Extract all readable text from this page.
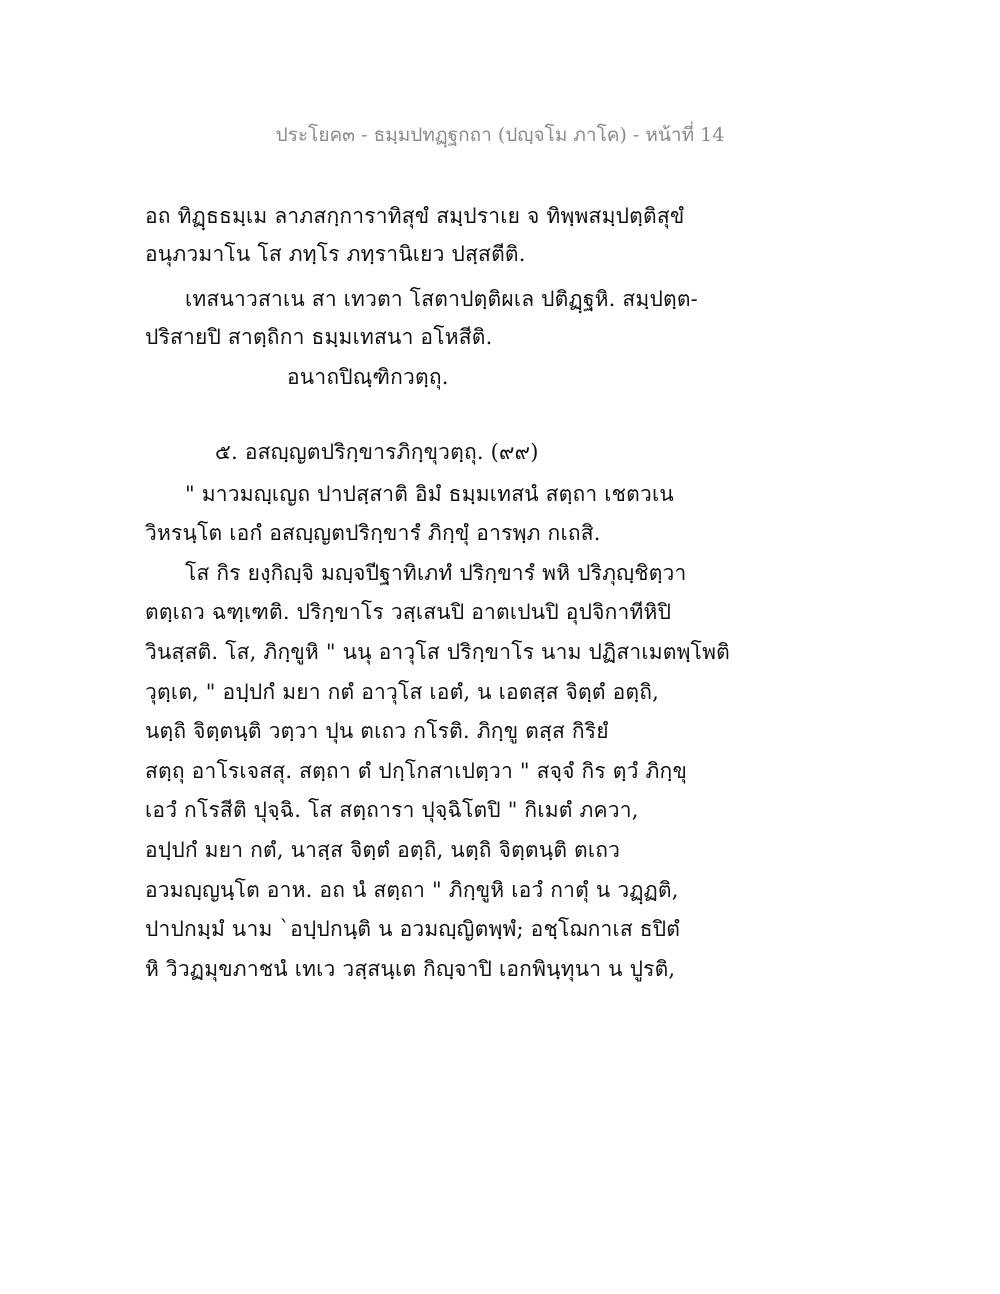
ประโยค๓ - ธมฺมปทฏฺฐกถา (ปญฺจโม ภาโค) - หน้าที่ 14
อถ ทิฏฺธธมฺเม ลาภสกฺการาทิสุขํ สมฺปราเย จ ทิพฺพสมฺปตฺติสุขํ
อนุภวมาโน โส ภทฺโร ภทฺรานิเยว ปสฺสตีติ.
เทสนาวสาเน สา เทวตา โสตาปตฺติผเล ปติฏฺฐหิ. สมฺปตฺต-
ปริสายปิ สาตฺถิกา ธมฺมเทสนา อโหสีติ.
อนาถปิณฺฑิกวตฺถุ.
๕. อสญฺญตปริกฺขารภิกฺขุวตฺถุ. (๙๙)
" มาวมญฺเญถ ปาปสฺสาติ อิมํ ธมฺมเทสนํ สตฺถา เชตวเน
วิหรนฺโต เอกํ อสญฺญตปริกฺขารํ ภิกฺขุํ อารพฺภ กเถสิ.
โส กิร ยงฺกิญฺจิ มญฺจปีฐาทิเภทํ ปริกฺขารํ พหิ ปริภุญฺชิตฺวา
ตตฺเถว ฉฑฺเฑติ. ปริกฺขาโร วสฺเสนปิ อาตเปนปิ อุปจิกาทีหิปิ
วินสฺสติ. โส, ภิกฺขูหิ " นนุ อาวุโส ปริกฺขาโร นาม ปฏิสาเมตพฺโพติ
วุตฺเต, " อปฺปกํ มยา กตํ อาวุโส เอตํ, น เอตสฺส จิตฺตํ อตฺถิ,
นตฺถิ จิตฺตนฺติ วตฺวา ปุน ตเถว กโรติ. ภิกฺขู ตสฺส กิริยํ
สตฺถุ อาโรเจสสุ. สตฺถา ตํ ปกฺโกสาเปตฺวา " สจฺจํ กิร ตฺวํ ภิกฺขุ
เอวํ กโรสีติ ปุจฺฉิ. โส สตฺถารา ปุจฺฉิโตปิ " กิเมตํ ภควา,
อปฺปกํ มยา กตํ, นาสฺส จิตฺตํ อตฺถิ, นตฺถิ จิตฺตนฺติ ตเถว
อวมญฺญนฺโต อาห. อถ นํ สตฺถา " ภิกฺขูหิ เอวํ กาตุํ น วฏฺฏติ,
ปาปกมฺมํ นาม `อปฺปกนฺติ น อวมญฺญิตพฺพํ; อชฺโฌกาเส ธปิตํ
หิ วิวฏมุขภาชนํ เทเว วสฺสนฺเต กิญฺจาปิ เอกพินฺทุนา น ปูรติ,
